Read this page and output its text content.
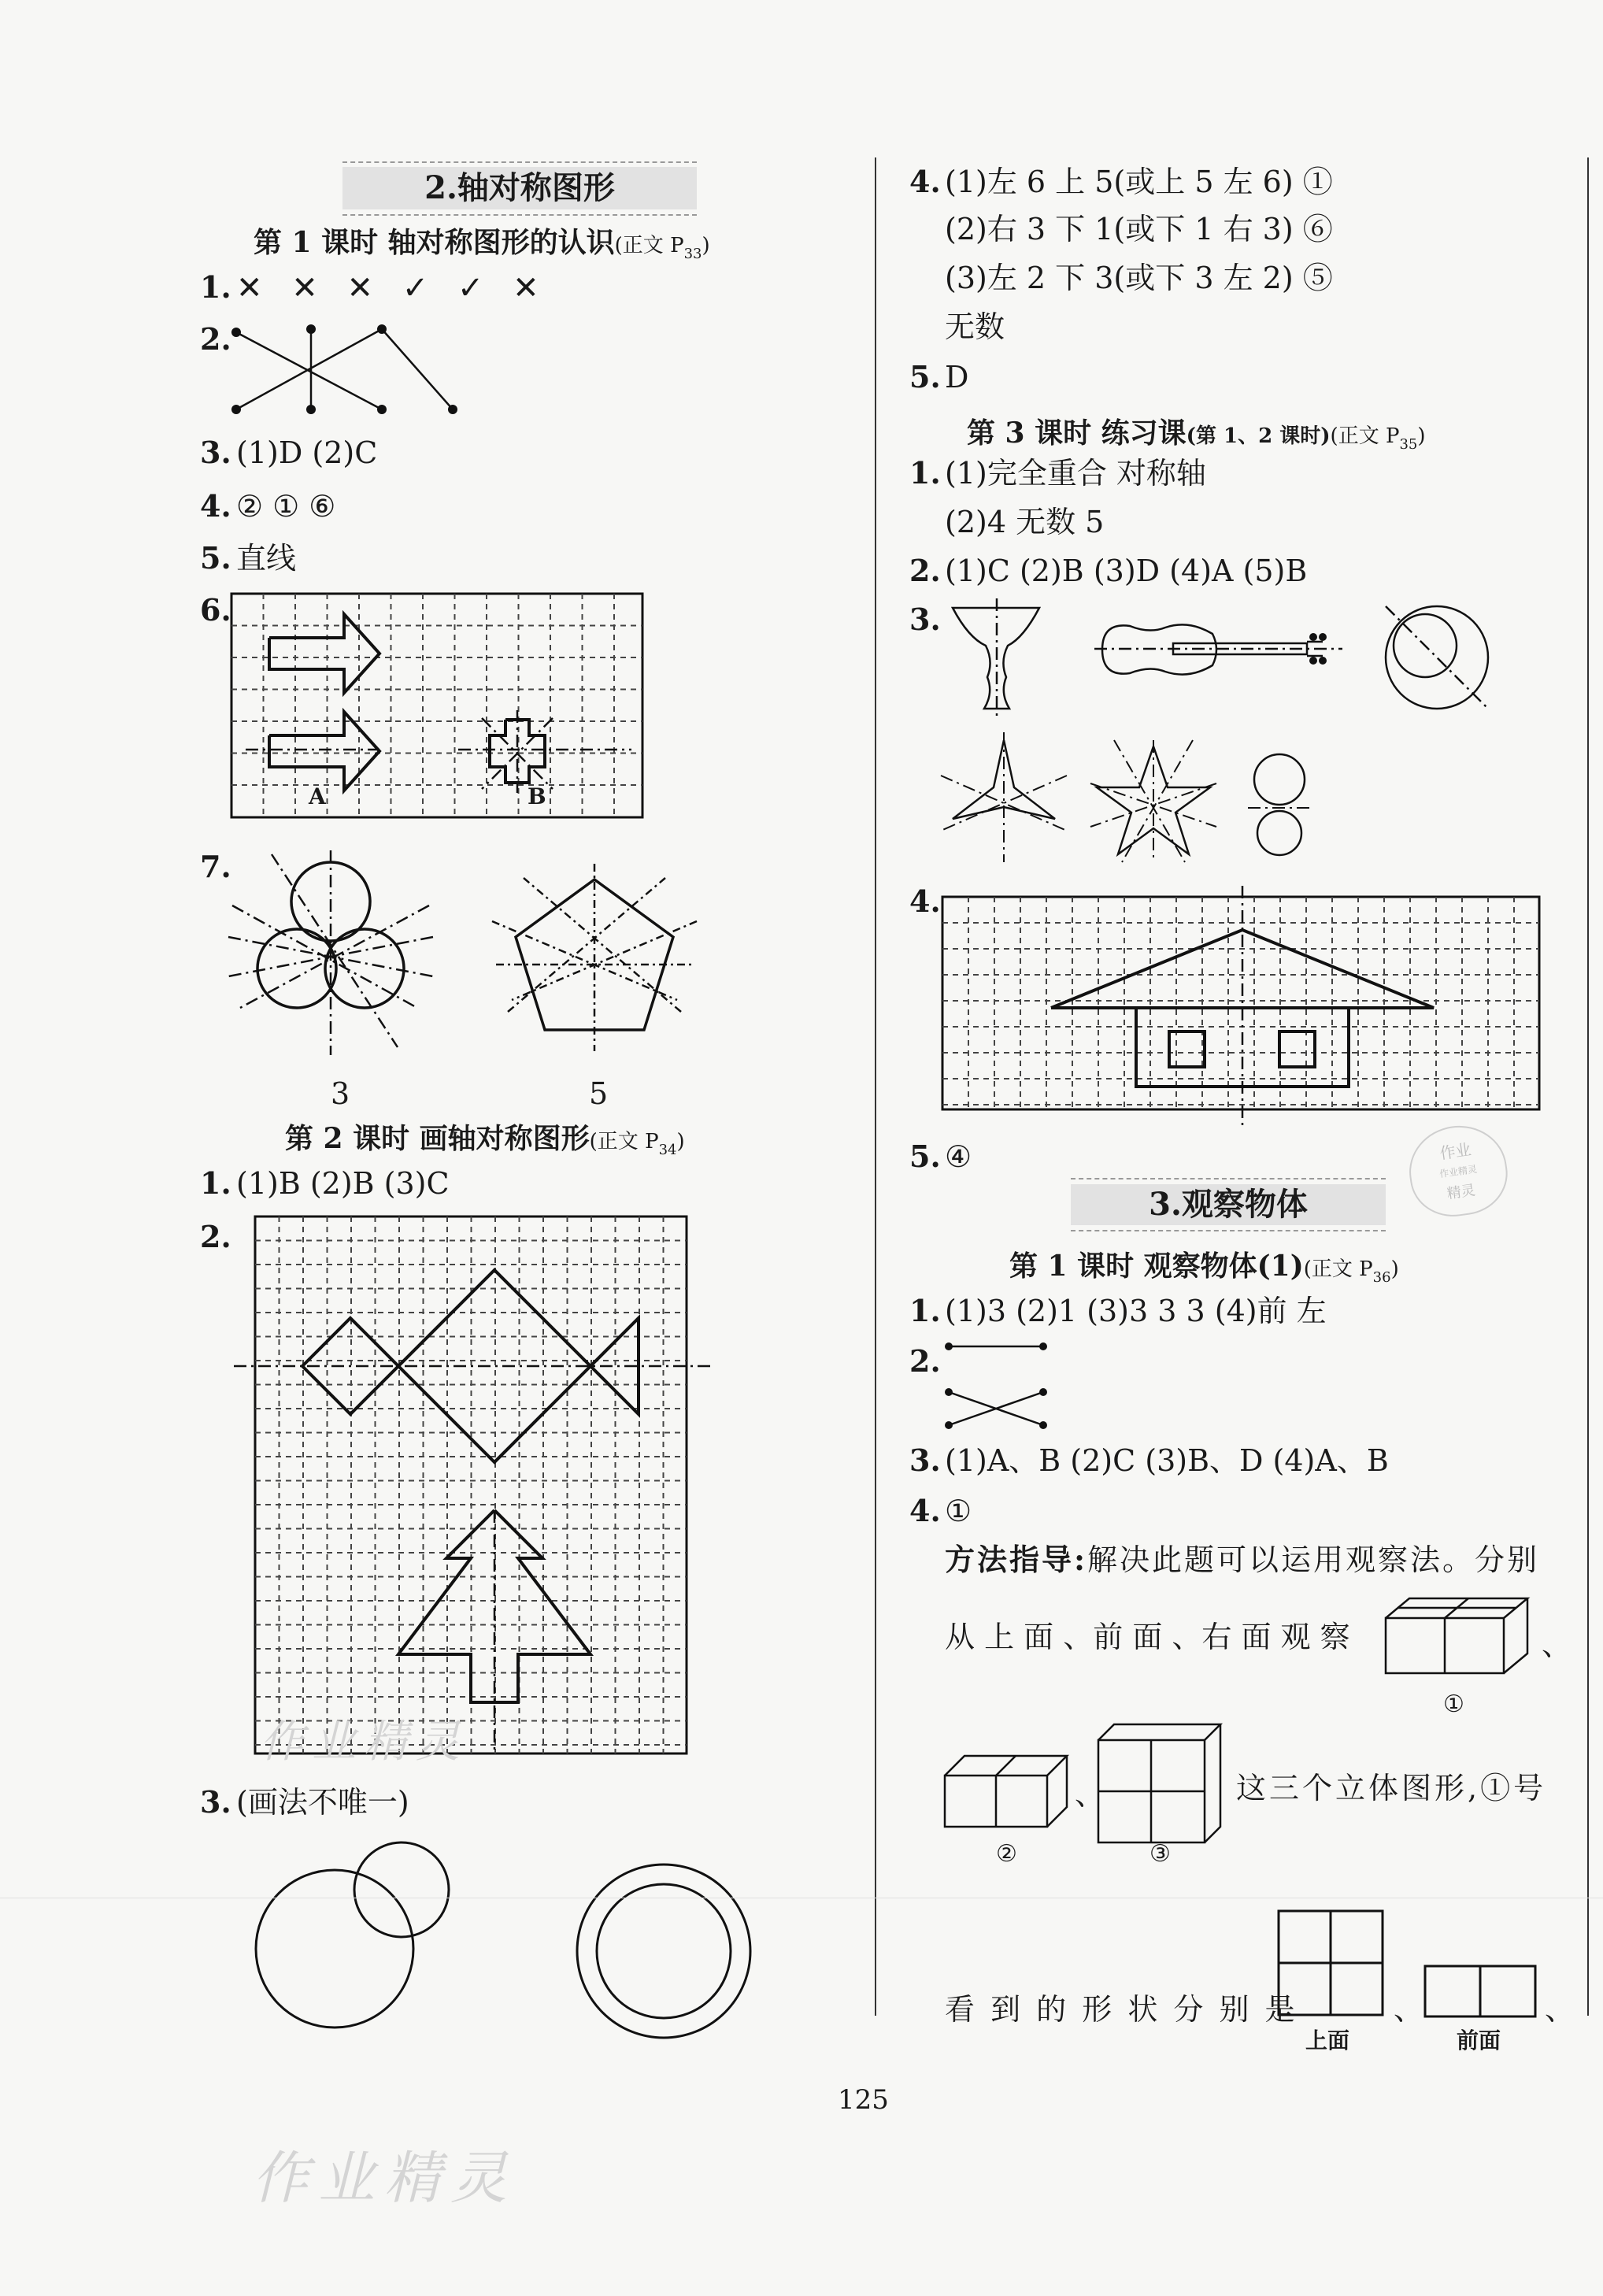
2.轴对称图形
第 1 课时 轴对称图形的认识(正文 $P_{33}$)
1. ✕ ✕ ✕ ✓ ✓ ✕
2.
3. (1)D (2)C
4. ② ① ⑥
5. 直线
6.
A	B
7.
3	5
第 2 课时 画轴对称图形(正文 $P_{34}$)
1. (1)B (2)B (3)C
2.
3. (画法不唯一)
4. (1)左 6 上 5(或上 5 左 6) ①
(2)右 3 下 1(或下 1 右 3) ⑥
(3)左 2 下 3(或下 3 左 2) ⑤
无数
5. D
第 3 课时 练习课(第 1、2 课时)(正文 $P_{35}$)
1. (1)完全重合 对称轴
(2)4 无数 5
2. (1)C (2)B (3)D (4)A (5)B
3.
4.
5. ④	作业
作业精灵
精灵
3.观察物体
第 1 课时 观察物体(1)(正文 $P_{36}$)
1. (1)3 (2)1 (3)3 3 3 (4)前 左
2.
3. (1)A、B (2)C (3)B、D (4)A、B
4. ①
方法指导:解决此题可以运用观察法。分别
从 上 面 、前 面 、右 面 观 察	、
①
、	这三个立体图形,①号
②	③
看 到 的 形 状 分 别 是	、	、
上面	前面
125
作业精灵
作业精灵
